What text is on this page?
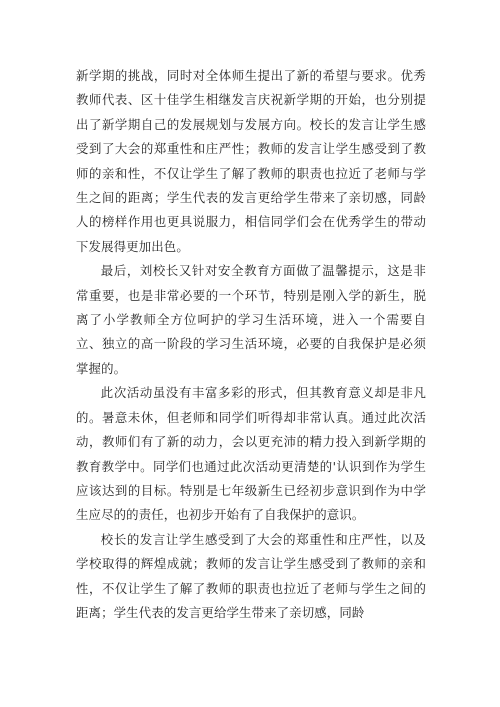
新学期的挑战，同时对全体师生提出了新的希望与要求。优秀教师代表、区十佳学生相继发言庆祝新学期的开始，也分别提出了新学期自己的发展规划与发展方向。校长的发言让学生感受到了大会的郑重性和庄严性；教师的发言让学生感受到了教师的亲和性，不仅让学生了解了教师的职责也拉近了老师与学生之间的距离；学生代表的发言更给学生带来了亲切感，同龄人的榜样作用也更具说服力，相信同学们会在优秀学生的带动下发展得更加出色。

最后，刘校长又针对安全教育方面做了温馨提示，这是非常重要，也是非常必要的一个环节，特别是刚入学的新生，脱离了小学教师全方位呵护的学习生活环境，进入一个需要自立、独立的高一阶段的学习生活环境，必要的自我保护是必须掌握的。

此次活动虽没有丰富多彩的形式，但其教育意义却是非凡的。暑意未休，但老师和同学们听得却非常认真。通过此次活动，教师们有了新的动力，会以更充沛的精力投入到新学期的教育教学中。同学们也通过此次活动更清楚的'认识到作为学生应该达到的目标。特别是七年级新生已经初步意识到作为中学生应尽的的责任，也初步开始有了自我保护的意识。

校长的发言让学生感受到了大会的郑重性和庄严性，以及学校取得的辉煌成就；教师的发言让学生感受到了教师的亲和性，不仅让学生了解了教师的职责也拉近了老师与学生之间的距离；学生代表的发言更给学生带来了亲切感，同龄
